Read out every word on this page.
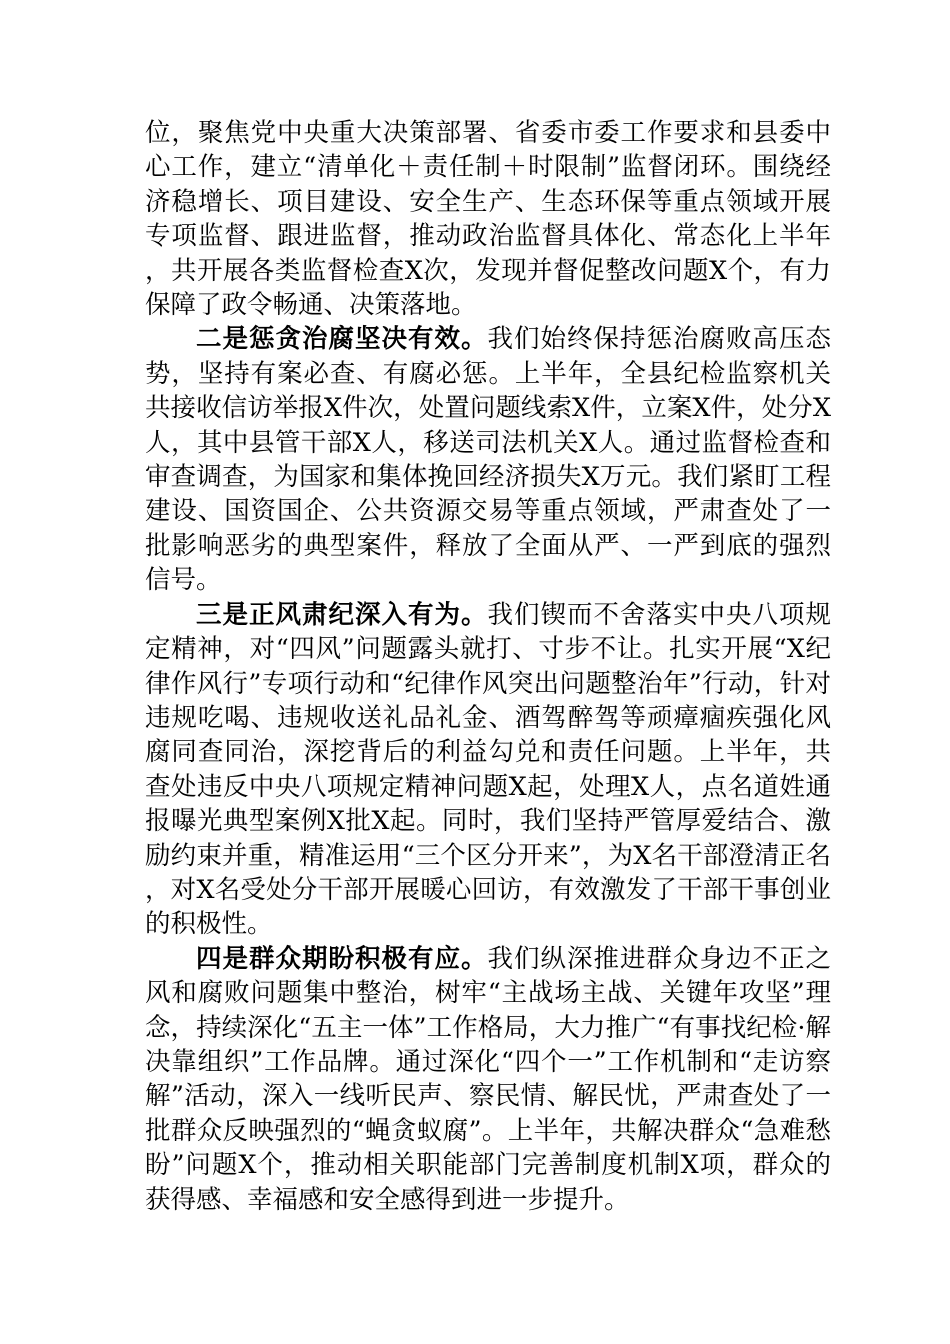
位，聚焦党中央重大决策部署、省委市委工作要求和县委中心工作，建立“清单化＋责任制＋时限制”监督闭环。围绕经济稳增长、项目建设、安全生产、生态环保等重点领域开展专项监督、跟进监督，推动政治监督具体化、常态化上半年，共开展各类监督检查X次，发现并督促整改问题X个，有力保障了政令畅通、决策落地。

二是惩贪治腐坚决有效。我们始终保持惩治腐败高压态势，坚持有案必查、有腐必惩。上半年，全县纪检监察机关共接收信访举报X件次，处置问题线索X件，立案X件，处分X人，其中县管干部X人，移送司法机关X人。通过监督检查和审查调查，为国家和集体挽回经济损失X万元。我们紧盯工程建设、国资国企、公共资源交易等重点领域，严肃查处了一批影响恶劣的典型案件，释放了全面从严、一严到底的强烈信号。

三是正风肃纪深入有为。我们锲而不舍落实中央八项规定精神，对“四风”问题露头就打、寸步不让。扎实开展“X纪律作风行”专项行动和“纪律作风突出问题整治年”行动，针对违规吃喝、违规收送礼品礼金、酒驾醉驾等顽瘴痼疾强化风腐同查同治，深挖背后的利益勾兑和责任问题。上半年，共查处违反中央八项规定精神问题X起，处理X人，点名道姓通报曝光典型案例X批X起。同时，我们坚持严管厚爱结合、激励约束并重，精准运用“三个区分开来”，为X名干部澄清正名，对X名受处分干部开展暖心回访，有效激发了干部干事创业的积极性。

四是群众期盼积极有应。我们纵深推进群众身边不正之风和腐败问题集中整治，树牢“主战场主战、关键年攻坚”理念，持续深化“五主一体”工作格局，大力推广“有事找纪检·解决靠组织”工作品牌。通过深化“四个一”工作机制和“走访察解”活动，深入一线听民声、察民情、解民忧，严肃查处了一批群众反映强烈的“蝇贪蚁腐”。上半年，共解决群众“急难愁盼”问题X个，推动相关职能部门完善制度机制X项，群众的获得感、幸福感和安全感得到进一步提升。
